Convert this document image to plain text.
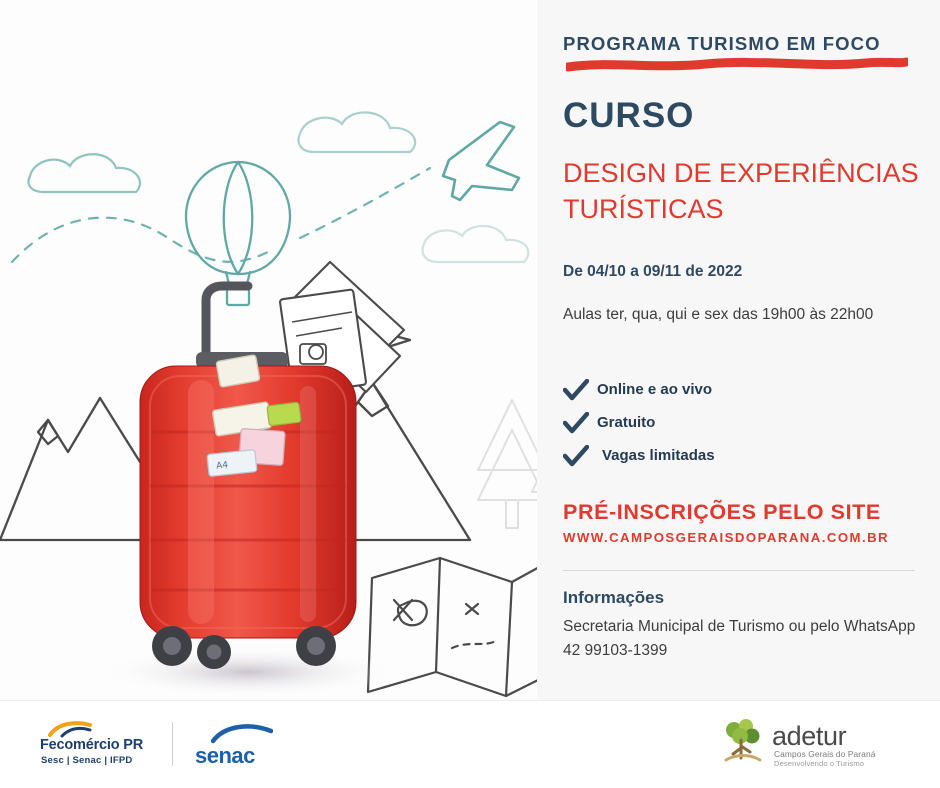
A4
PROGRAMA TURISMO EM FOCO
CURSO
DESIGN DE EXPERIÊNCIAS
TURÍSTICAS
De 04/10 a 09/11 de 2022
Aulas ter, qua, qui e sex das 19h00 às 22h00
Online e ao vivo
Gratuito
Vagas limitadas
PRÉ-INSCRIÇÕES PELO SITE
WWW.CAMPOSGERAISDOPARANA.COM.BR
Informações
Secretaria Municipal de Turismo ou pelo WhatsApp 42 99103-1399
Fecomércio PR
Sesc | Senac | IFPD	senac
adetur
Campos Gerais do Paraná
Desenvolvendo o Turismo
